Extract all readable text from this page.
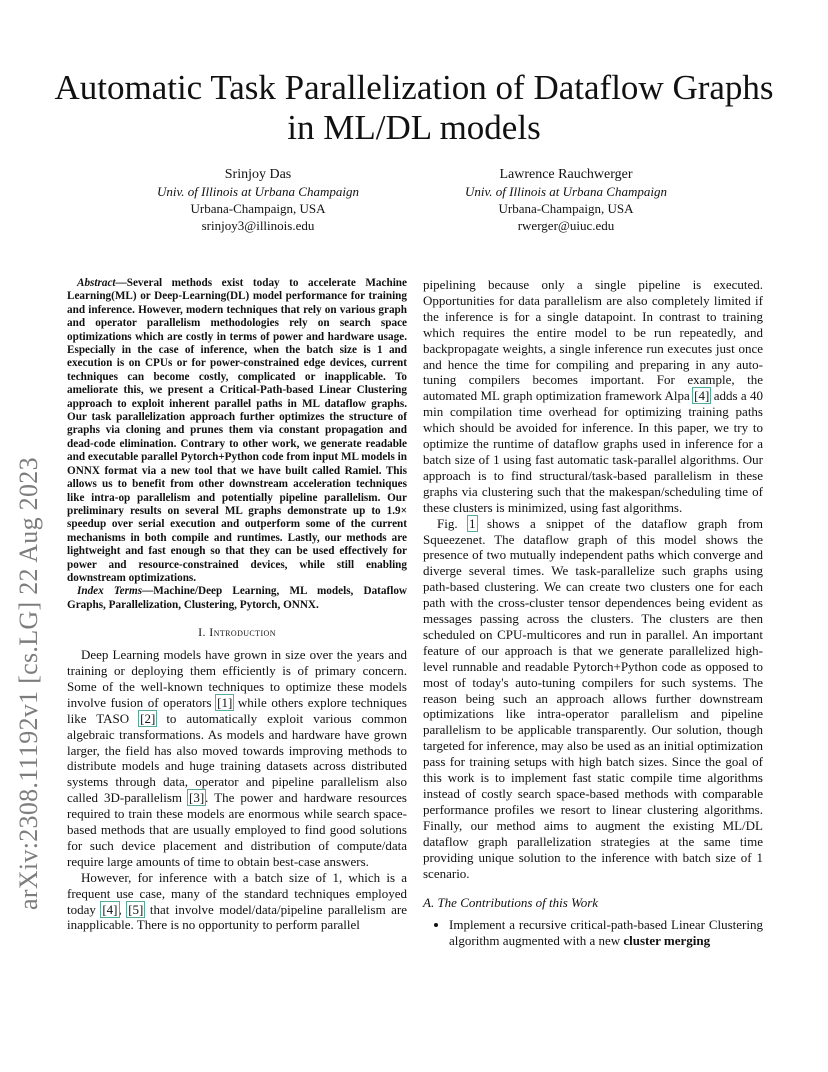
Automatic Task Parallelization of Dataflow Graphs in ML/DL models
Srinjoy Das
Univ. of Illinois at Urbana Champaign
Urbana-Champaign, USA
srinjoy3@illinois.edu
Lawrence Rauchwerger
Univ. of Illinois at Urbana Champaign
Urbana-Champaign, USA
rwerger@uiuc.edu
arXiv:2308.11192v1 [cs.LG] 22 Aug 2023

Abstract—Several methods exist today to accelerate Machine Learning(ML) or Deep-Learning(DL) model performance for training and inference. However, modern techniques that rely on various graph and operator parallelism methodologies rely on search space optimizations which are costly in terms of power and hardware usage. Especially in the case of inference, when the batch size is 1 and execution is on CPUs or for power-constrained edge devices, current techniques can become costly, complicated or inapplicable. To ameliorate this, we present a Critical-Path-based Linear Clustering approach to exploit inherent parallel paths in ML dataflow graphs. Our task parallelization approach further optimizes the structure of graphs via cloning and prunes them via constant propagation and dead-code elimination. Contrary to other work, we generate readable and executable parallel Pytorch+Python code from input ML models in ONNX format via a new tool that we have built called Ramiel. This allows us to benefit from other downstream acceleration techniques like intra-op parallelism and potentially pipeline parallelism. Our preliminary results on several ML graphs demonstrate up to 1.9× speedup over serial execution and outperform some of the current mechanisms in both compile and runtimes. Lastly, our methods are lightweight and fast enough so that they can be used effectively for power and resource-constrained devices, while still enabling downstream optimizations.

Index Terms—Machine/Deep Learning, ML models, Dataflow Graphs, Parallelization, Clustering, Pytorch, ONNX.

I. Introduction

Deep Learning models have grown in size over the years and training or deploying them efficiently is of primary concern. Some of the well-known techniques to optimize these models involve fusion of operators [1] while others explore techniques like TASO [2] to automatically exploit various common algebraic transformations. As models and hardware have grown larger, the field has also moved towards improving methods to distribute models and huge training datasets across distributed systems through data, operator and pipeline parallelism also called 3D-parallelism [3]. The power and hardware resources required to train these models are enormous while search space-based methods that are usually employed to find good solutions for such device placement and distribution of compute/data require large amounts of time to obtain best-case answers.

However, for inference with a batch size of 1, which is a frequent use case, many of the standard techniques employed today [4], [5] that involve model/data/pipeline parallelism are inapplicable. There is no opportunity to perform parallel

pipelining because only a single pipeline is executed. Opportunities for data parallelism are also completely limited if the inference is for a single datapoint. In contrast to training which requires the entire model to be run repeatedly, and backpropagate weights, a single inference run executes just once and hence the time for compiling and preparing in any auto-tuning compilers becomes important. For example, the automated ML graph optimization framework Alpa [4] adds a 40 min compilation time overhead for optimizing training paths which should be avoided for inference. In this paper, we try to optimize the runtime of dataflow graphs used in inference for a batch size of 1 using fast automatic task-parallel algorithms. Our approach is to find structural/task-based parallelism in these graphs via clustering such that the makespan/scheduling time of these clusters is minimized, using fast algorithms.

Fig. 1 shows a snippet of the dataflow graph from Squeezenet. The dataflow graph of this model shows the presence of two mutually independent paths which converge and diverge several times. We task-parallelize such graphs using path-based clustering. We can create two clusters one for each path with the cross-cluster tensor dependences being evident as messages passing across the clusters. The clusters are then scheduled on CPU-multicores and run in parallel. An important feature of our approach is that we generate parallelized high-level runnable and readable Pytorch+Python code as opposed to most of today's auto-tuning compilers for such systems. The reason being such an approach allows further downstream optimizations like intra-operator parallelism and pipeline parallelism to be applicable transparently. Our solution, though targeted for inference, may also be used as an initial optimization pass for training setups with high batch sizes. Since the goal of this work is to implement fast static compile time algorithms instead of costly search space-based methods with comparable performance profiles we resort to linear clustering algorithms. Finally, our method aims to augment the existing ML/DL dataflow graph parallelization strategies at the same time providing unique solution to the inference with batch size of 1 scenario.

A. The Contributions of this Work
• Implement a recursive critical-path-based Linear Clustering algorithm augmented with a new cluster merging
